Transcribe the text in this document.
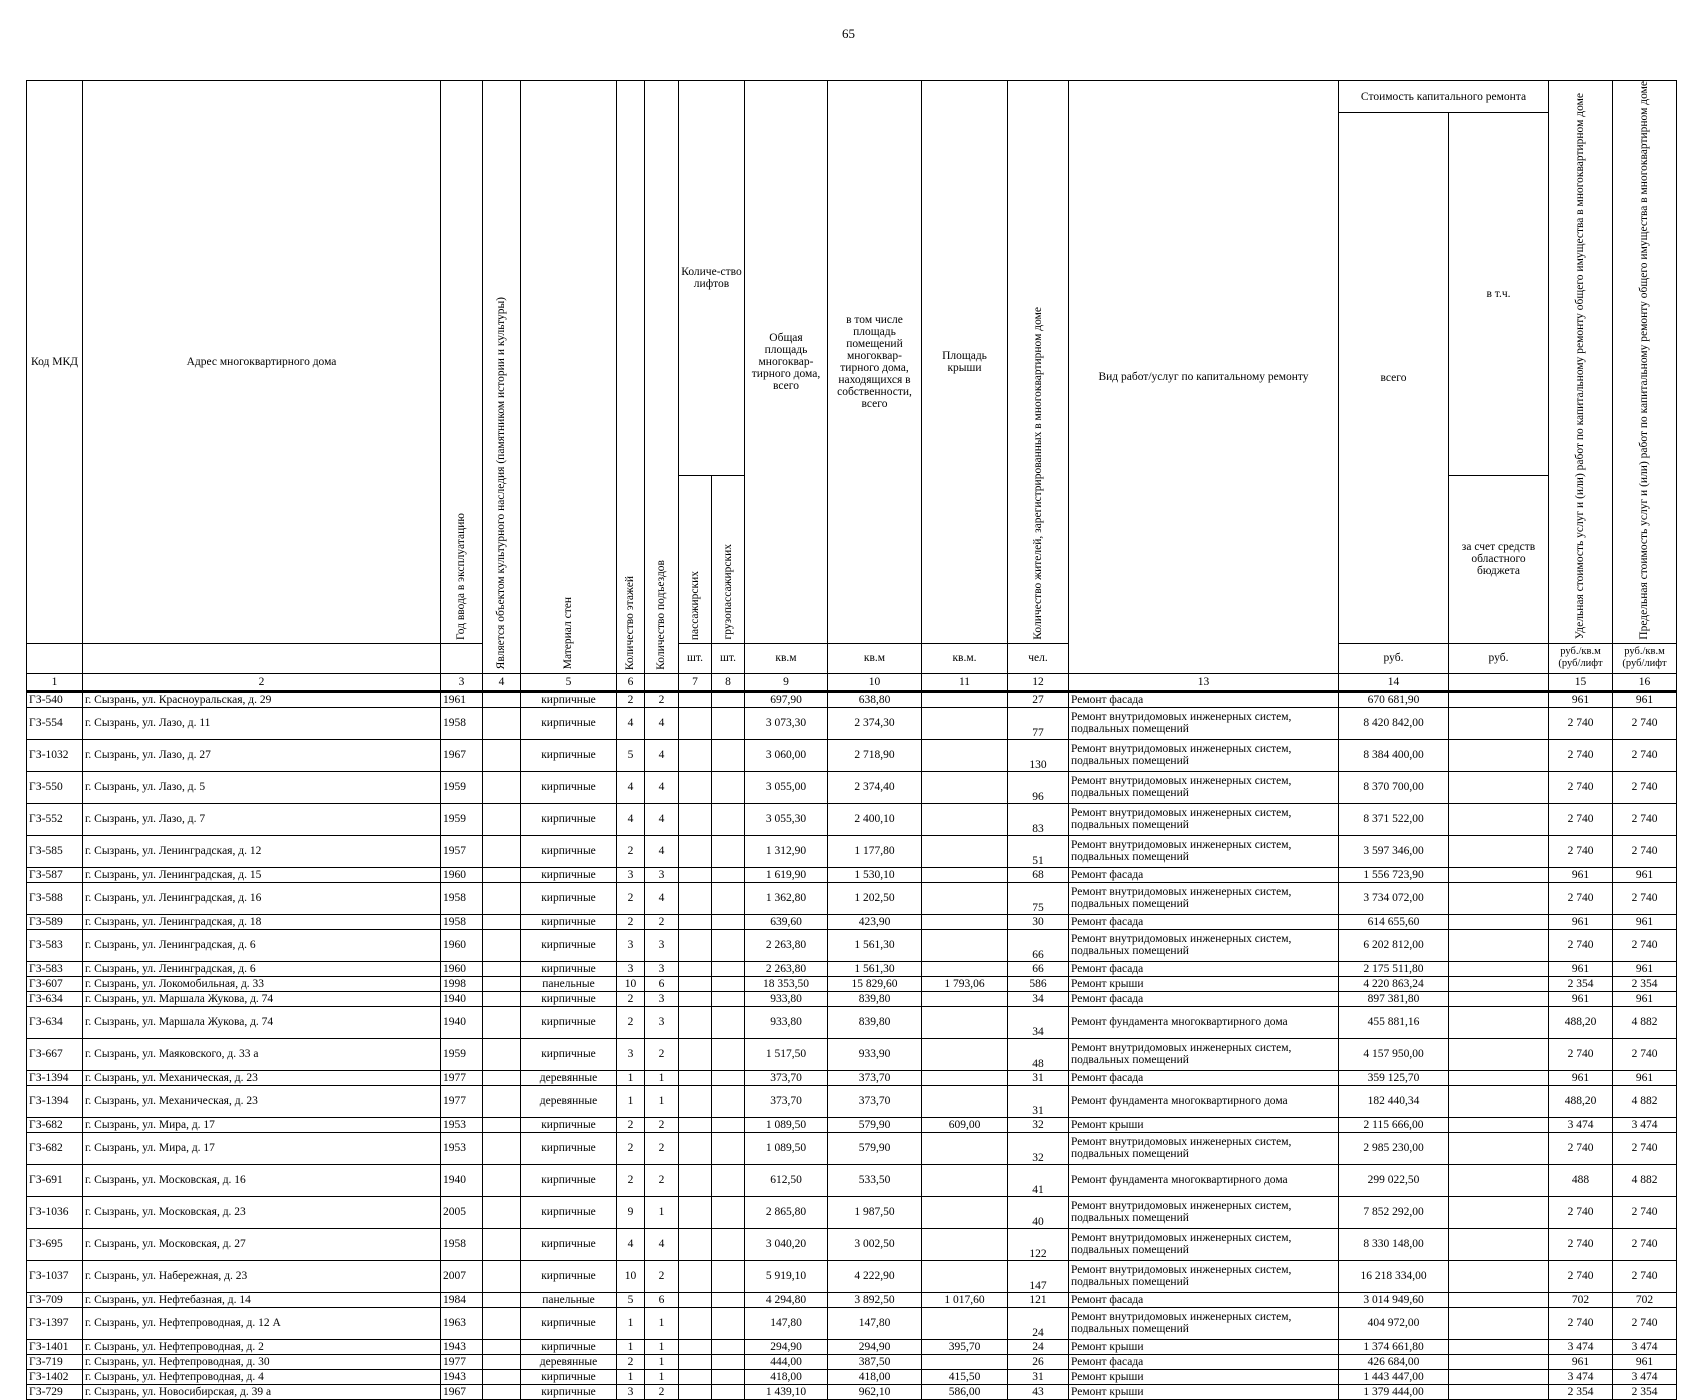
65
Код МКД	Адрес многоквартирного дома	Год ввода в эксплуатацию	Является объектом культурного наследия (памятником истории и культуры)	Материал стен	Количество этажей	Количество подъездов	Количе-ство лифтов		Общая площадь многоквар-тирного дома, всего	в том числе площадь помещений многоквар-тирного дома, находящихся в собственности, всего	Площадь крыши	Количество жителей, зарегистрированных в многоквартирном доме	Вид работ/услуг по капитальному ремонту	Стоимость капитального ремонта		Удельная стоимость услуг и (или) работ по капитальному ремонту общего имущества в многоквартирном доме	Предельная стоимость услуг и (или) работ по капитальному ремонту общего имущества в многоквартирном доме
														всего	в т.ч.		
							пассажирских	грузопассажирских							за счет средств областного бюджета		
							шт.	шт.	кв.м	кв.м	кв.м.	чел.		руб.	руб.	руб./кв.м (руб/лифт	руб./кв.м (руб/лифт
1	2	3	4	5	6		7	8	9	10	11	12	13	14		15	16
ГЗ-540	г. Сызрань, ул. Красноуральская, д. 29	1961		кирпичные	2	2			697,90	638,80		27	Ремонт фасада	670 681,90		961	961
ГЗ-554	г. Сызрань, ул. Лазо, д. 11	1958		кирпичные	4	4			3 073,30	2 374,30		77	Ремонт внутридомовых инженерных систем, подвальных помещений	8 420 842,00		2 740	2 740
ГЗ-1032	г. Сызрань, ул. Лазо, д. 27	1967		кирпичные	5	4			3 060,00	2 718,90		130	Ремонт внутридомовых инженерных систем, подвальных помещений	8 384 400,00		2 740	2 740
ГЗ-550	г. Сызрань, ул. Лазо, д. 5	1959		кирпичные	4	4			3 055,00	2 374,40		96	Ремонт внутридомовых инженерных систем, подвальных помещений	8 370 700,00		2 740	2 740
ГЗ-552	г. Сызрань, ул. Лазо, д. 7	1959		кирпичные	4	4			3 055,30	2 400,10		83	Ремонт внутридомовых инженерных систем, подвальных помещений	8 371 522,00		2 740	2 740
ГЗ-585	г. Сызрань, ул. Ленинградская, д. 12	1957		кирпичные	2	4			1 312,90	1 177,80		51	Ремонт внутридомовых инженерных систем, подвальных помещений	3 597 346,00		2 740	2 740
ГЗ-587	г. Сызрань, ул. Ленинградская, д. 15	1960		кирпичные	3	3			1 619,90	1 530,10		68	Ремонт фасада	1 556 723,90		961	961
ГЗ-588	г. Сызрань, ул. Ленинградская, д. 16	1958		кирпичные	2	4			1 362,80	1 202,50		75	Ремонт внутридомовых инженерных систем, подвальных помещений	3 734 072,00		2 740	2 740
ГЗ-589	г. Сызрань, ул. Ленинградская, д. 18	1958		кирпичные	2	2			639,60	423,90		30	Ремонт фасада	614 655,60		961	961
ГЗ-583	г. Сызрань, ул. Ленинградская, д. 6	1960		кирпичные	3	3			2 263,80	1 561,30		66	Ремонт внутридомовых инженерных систем, подвальных помещений	6 202 812,00		2 740	2 740
ГЗ-583	г. Сызрань, ул. Ленинградская, д. 6	1960		кирпичные	3	3			2 263,80	1 561,30		66	Ремонт фасада	2 175 511,80		961	961
ГЗ-607	г. Сызрань, ул. Локомобильная, д. 33	1998		панельные	10	6			18 353,50	15 829,60	1 793,06	586	Ремонт крыши	4 220 863,24		2 354	2 354
ГЗ-634	г. Сызрань, ул. Маршала Жукова, д. 74	1940		кирпичные	2	3			933,80	839,80		34	Ремонт фасада	897 381,80		961	961
ГЗ-634	г. Сызрань, ул. Маршала Жукова, д. 74	1940		кирпичные	2	3			933,80	839,80		34	Ремонт фундамента многоквартирного дома	455 881,16		488,20	4 882
ГЗ-667	г. Сызрань, ул. Маяковского, д. 33 а	1959		кирпичные	3	2			1 517,50	933,90		48	Ремонт внутридомовых инженерных систем, подвальных помещений	4 157 950,00		2 740	2 740
ГЗ-1394	г. Сызрань, ул. Механическая, д. 23	1977		деревянные	1	1			373,70	373,70		31	Ремонт фасада	359 125,70		961	961
ГЗ-1394	г. Сызрань, ул. Механическая, д. 23	1977		деревянные	1	1			373,70	373,70		31	Ремонт фундамента многоквартирного дома	182 440,34		488,20	4 882
ГЗ-682	г. Сызрань, ул. Мира, д. 17	1953		кирпичные	2	2			1 089,50	579,90	609,00	32	Ремонт крыши	2 115 666,00		3 474	3 474
ГЗ-682	г. Сызрань, ул. Мира, д. 17	1953		кирпичные	2	2			1 089,50	579,90		32	Ремонт внутридомовых инженерных систем, подвальных помещений	2 985 230,00		2 740	2 740
ГЗ-691	г. Сызрань, ул. Московская, д. 16	1940		кирпичные	2	2			612,50	533,50		41	Ремонт фундамента многоквартирного дома	299 022,50		488	4 882
ГЗ-1036	г. Сызрань, ул. Московская, д. 23	2005		кирпичные	9	1			2 865,80	1 987,50		40	Ремонт внутридомовых инженерных систем, подвальных помещений	7 852 292,00		2 740	2 740
ГЗ-695	г. Сызрань, ул. Московская, д. 27	1958		кирпичные	4	4			3 040,20	3 002,50		122	Ремонт внутридомовых инженерных систем, подвальных помещений	8 330 148,00		2 740	2 740
ГЗ-1037	г. Сызрань, ул. Набережная, д. 23	2007		кирпичные	10	2			5 919,10	4 222,90		147	Ремонт внутридомовых инженерных систем, подвальных помещений	16 218 334,00		2 740	2 740
ГЗ-709	г. Сызрань, ул. Нефтебазная, д. 14	1984		панельные	5	6			4 294,80	3 892,50	1 017,60	121	Ремонт фасада	3 014 949,60		702	702
ГЗ-1397	г. Сызрань, ул. Нефтепроводная, д. 12 А	1963		кирпичные	1	1			147,80	147,80		24	Ремонт внутридомовых инженерных систем, подвальных помещений	404 972,00		2 740	2 740
ГЗ-1401	г. Сызрань, ул. Нефтепроводная, д. 2	1943		кирпичные	1	1			294,90	294,90	395,70	24	Ремонт крыши	1 374 661,80		3 474	3 474
ГЗ-719	г. Сызрань, ул. Нефтепроводная, д. 30	1977		деревянные	2	1			444,00	387,50		26	Ремонт фасада	426 684,00		961	961
ГЗ-1402	г. Сызрань, ул. Нефтепроводная, д. 4	1943		кирпичные	1	1			418,00	418,00	415,50	31	Ремонт крыши	1 443 447,00		3 474	3 474
ГЗ-729	г. Сызрань, ул. Новосибирская, д. 39 а	1967		кирпичные	3	2			1 439,10	962,10	586,00	43	Ремонт крыши	1 379 444,00		2 354	2 354
